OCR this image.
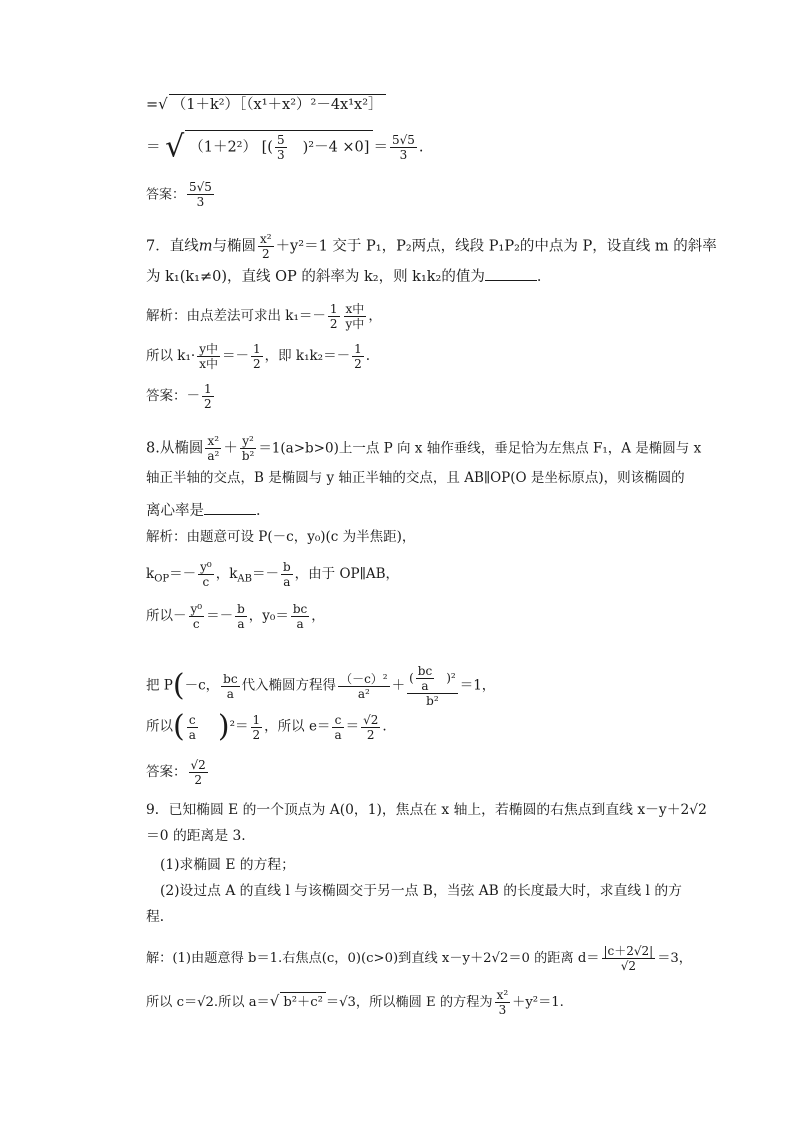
=√ （1＋k²）［（x¹＋x²）²－4x¹x²］
＝ √ （1＋2²） [( $\frac{5}{3} )^2-4 \times 0] = \frac{5√5}{3}$ .
答案： $\frac{5√5}{3}$
7．直线m与椭圆 $\frac{\text{x²}}{2} +y^2=1$ 交于 P₁，P₂两点，线段 P₁P₂的中点为 P，设直线 m 的斜率
为 k₁(k₁≠0)，直线 OP 的斜率为 k₂，则 k₁k₂的值为	．
解析：由点差法可求出 $k_1=- \frac{1}{2} \frac{\text{x中}}{\text{y中}}$ ，
所以 $k_1\cdot \frac{\text{y中}}{\text{x中}} =- \frac{1}{2}$ ，即 $k_1k_2=- \frac{1}{2}$ .
答案：－ $\frac{1}{2}$
8.从椭圆 $\frac{\text{x²}}{\text{a²}} + \frac{\text{y²}}{\text{b²}} =1(a>b>0)$上一点 P 向 x 轴作垂线，垂足恰为左焦点 F₁，A 是椭圆与 x
轴正半轴的交点，B 是椭圆与 y 轴正半轴的交点，且 AB∥OP(O 是坐标原点)，则该椭圆的
离心率是	．
解析：由题意可设 P(－c，y₀)(c 为半焦距)，
$k_{OP}=- \frac{\text{y⁰}}{c}$ ，$k_{AB}=- \frac{b}{a}$ ，由于 OP∥AB，
所以－ $\frac{\text{y⁰}}{c} =- \frac{b}{a}$ ，$y_0= \frac{bc}{a}$ ，
把 P(－c， $\frac{bc}{a}$ 代入椭圆方程得 $\frac{\text{（－c）²}}{\text{a²}} + \frac{( \frac{bc}{a} )^2}{\text{b²}} =1$，
所以( $\frac{c}{a} )^2= \frac{1}{2}$ ，所以 $e= \frac{c}{a} = \frac{√2}{2}$ .
答案： $\frac{√2}{2}$
9．已知椭圆 E 的一个顶点为 A(0，1)，焦点在 x 轴上，若椭圆的右焦点到直线 x－y＋2√2
＝0 的距离是 3.
(1)求椭圆 E 的方程；
(2)设过点 A 的直线 l 与该椭圆交于另一点 B，当弦 AB 的长度最大时，求直线 l 的方
程．
解：(1)由题意得 b＝1.右焦点(c，0)(c>0)到直线 x－y＋2√2＝0 的距离 $d= \frac{|c+2√2|}{√2} =3$，
所以 c＝√2.所以 a＝√ b²＋c² ＝√3，所以椭圆 E 的方程为 $\frac{\text{x²}}{3} +y^2=1$.
